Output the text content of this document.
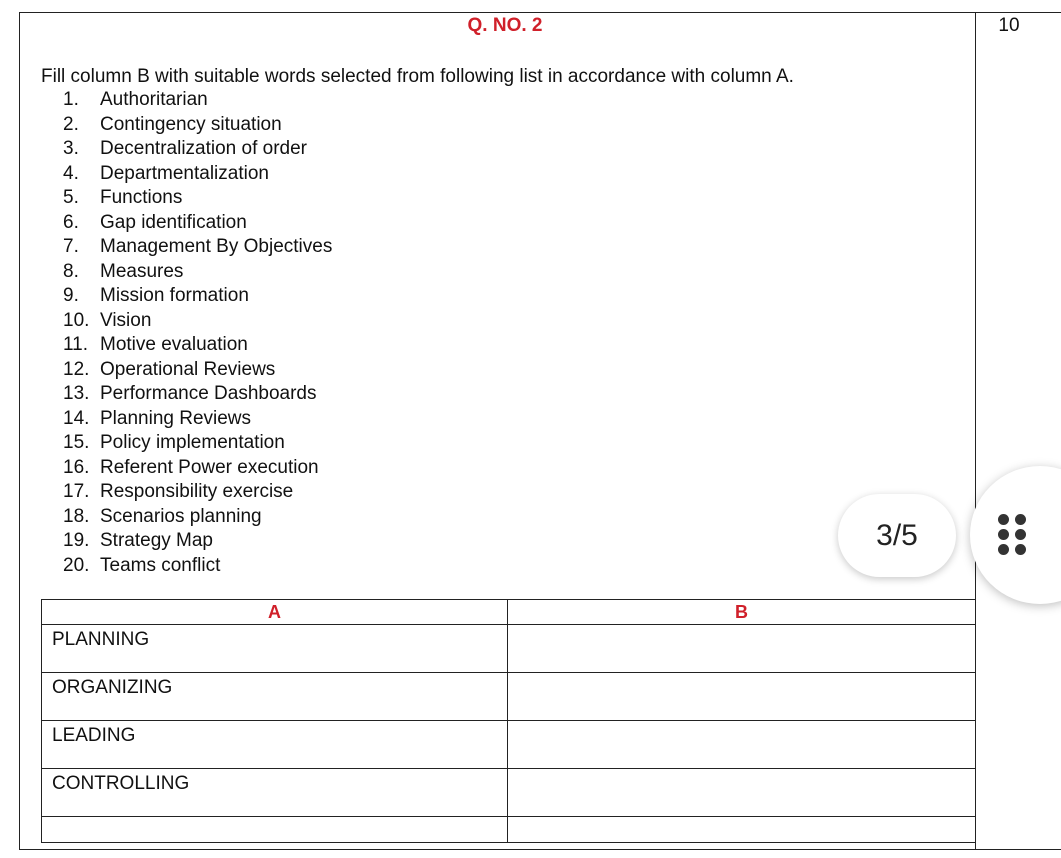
Q. NO. 2	10
Fill column B with suitable words selected from following list in accordance with column A.
1. Authoritarian
2. Contingency situation
3. Decentralization of order
4. Departmentalization
5. Functions
6. Gap identification
7. Management By Objectives
8. Measures
9. Mission formation
10. Vision
11. Motive evaluation
12. Operational Reviews
13. Performance Dashboards
14. Planning Reviews
15. Policy implementation
16. Referent Power execution
17. Responsibility exercise
18. Scenarios planning
19. Strategy Map
20. Teams conflict
A	B
PLANNING	
ORGANIZING	
LEADING	
CONTROLLING	

3/5
